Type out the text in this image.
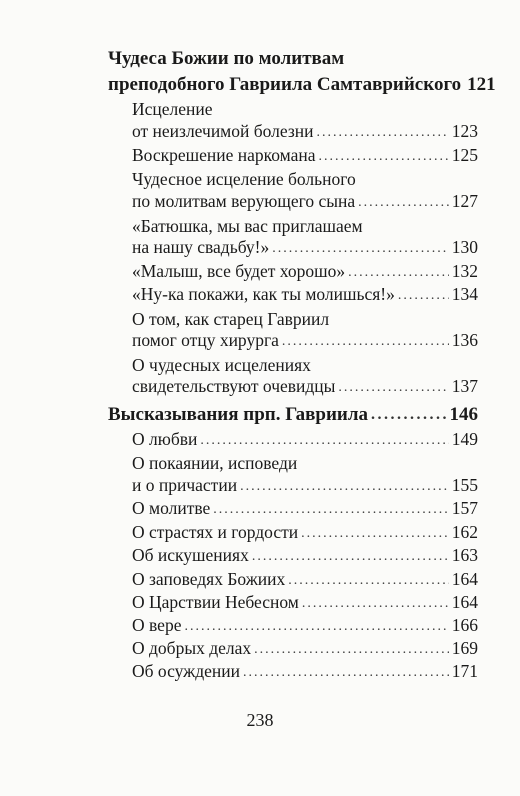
Чудеса Божии по молитвам
преподобного Гавриила Самтаврийского 121
Исцеление
от неизлечимой болезни .....	123
Воскрешение наркомана .....	125
Чудесное исцеление больного
по молитвам верующего сына .....	127
«Батюшка, мы вас приглашаем
на нашу свадьбу!» .....	130
«Малыш, все будет хорошо» .....	132
«Ну-ка покажи, как ты молишься!» .....	134
О том, как старец Гавриил
помог отцу хирурга .....	136
О чудесных исцелениях
свидетельствуют очевидцы .....	137
Высказывания прп. Гавриила .....	146
О любви .....	149
О покаянии, исповеди
и о причастии .....	155
О молитве .....	157
О страстях и гордости .....	162
Об искушениях .....	163
О заповедях Божиих .....	164
О Царствии Небесном .....	164
О вере .....	166
О добрых делах .....	169
Об осуждении .....	171
238
